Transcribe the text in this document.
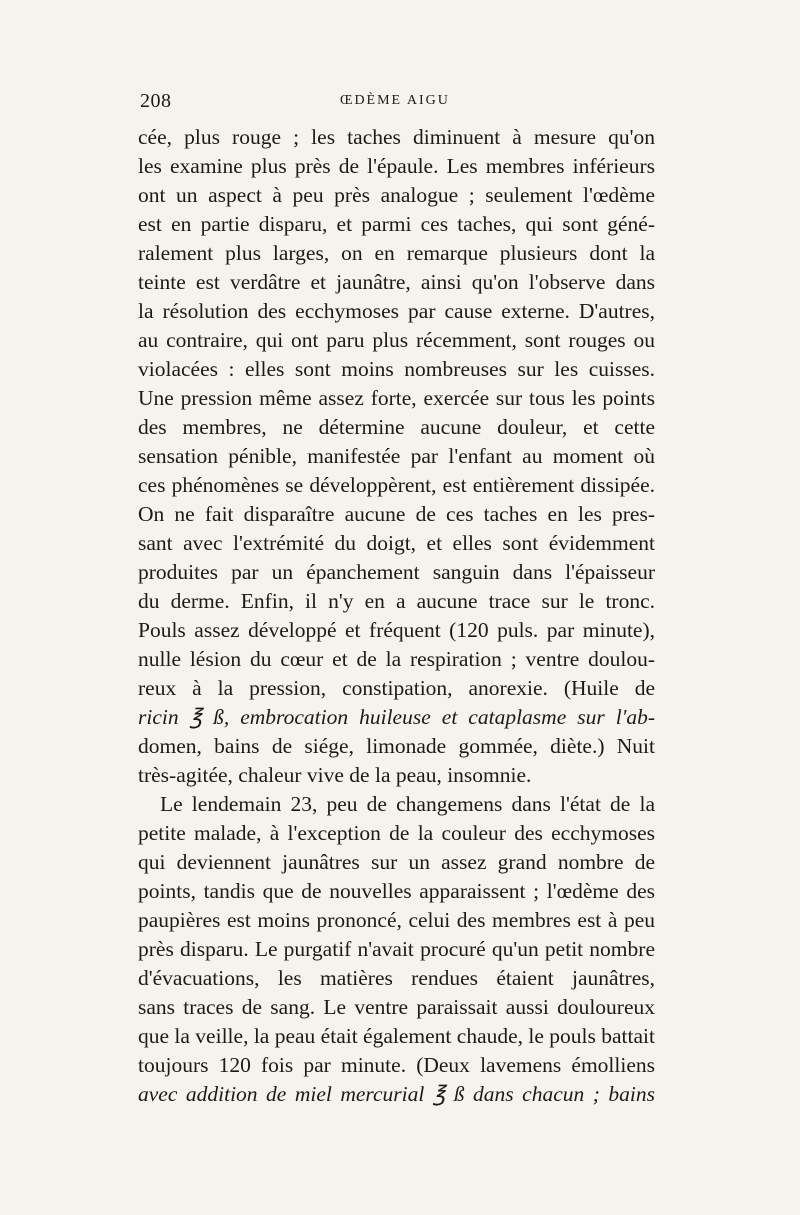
208	ŒDÈME AIGU
cée, plus rouge ; les taches diminuent à mesure qu'on
les examine plus près de l'épaule. Les membres inférieurs
ont un aspect à peu près analogue ; seulement l'œdème
est en partie disparu, et parmi ces taches, qui sont géné-
ralement plus larges, on en remarque plusieurs dont la
teinte est verdâtre et jaunâtre, ainsi qu'on l'observe dans
la résolution des ecchymoses par cause externe. D'autres,
au contraire, qui ont paru plus récemment, sont rouges ou
violacées : elles sont moins nombreuses sur les cuisses.
Une pression même assez forte, exercée sur tous les points
des membres, ne détermine aucune douleur, et cette
sensation pénible, manifestée par l'enfant au moment où
ces phénomènes se développèrent, est entièrement dissipée.
On ne fait disparaître aucune de ces taches en les pres-
sant avec l'extrémité du doigt, et elles sont évidemment
produites par un épanchement sanguin dans l'épaisseur
du derme. Enfin, il n'y en a aucune trace sur le tronc.
Pouls assez développé et fréquent (120 puls. par minute),
nulle lésion du cœur et de la respiration ; ventre doulou-
reux à la pression, constipation, anorexie. (Huile de
ricin ℥ ß, embrocation huileuse et cataplasme sur l'ab-
domen, bains de siége, limonade gommée, diète.) Nuit
très-agitée, chaleur vive de la peau, insomnie.
Le lendemain 23, peu de changemens dans l'état de la
petite malade, à l'exception de la couleur des ecchymoses
qui deviennent jaunâtres sur un assez grand nombre de
points, tandis que de nouvelles apparaissent ; l'œdème des
paupières est moins prononcé, celui des membres est à peu
près disparu. Le purgatif n'avait procuré qu'un petit nombre
d'évacuations, les matières rendues étaient jaunâtres,
sans traces de sang. Le ventre paraissait aussi douloureux
que la veille, la peau était également chaude, le pouls battait
toujours 120 fois par minute. (Deux lavemens émolliens
avec addition de miel mercurial ℥ ß dans chacun ; bains
